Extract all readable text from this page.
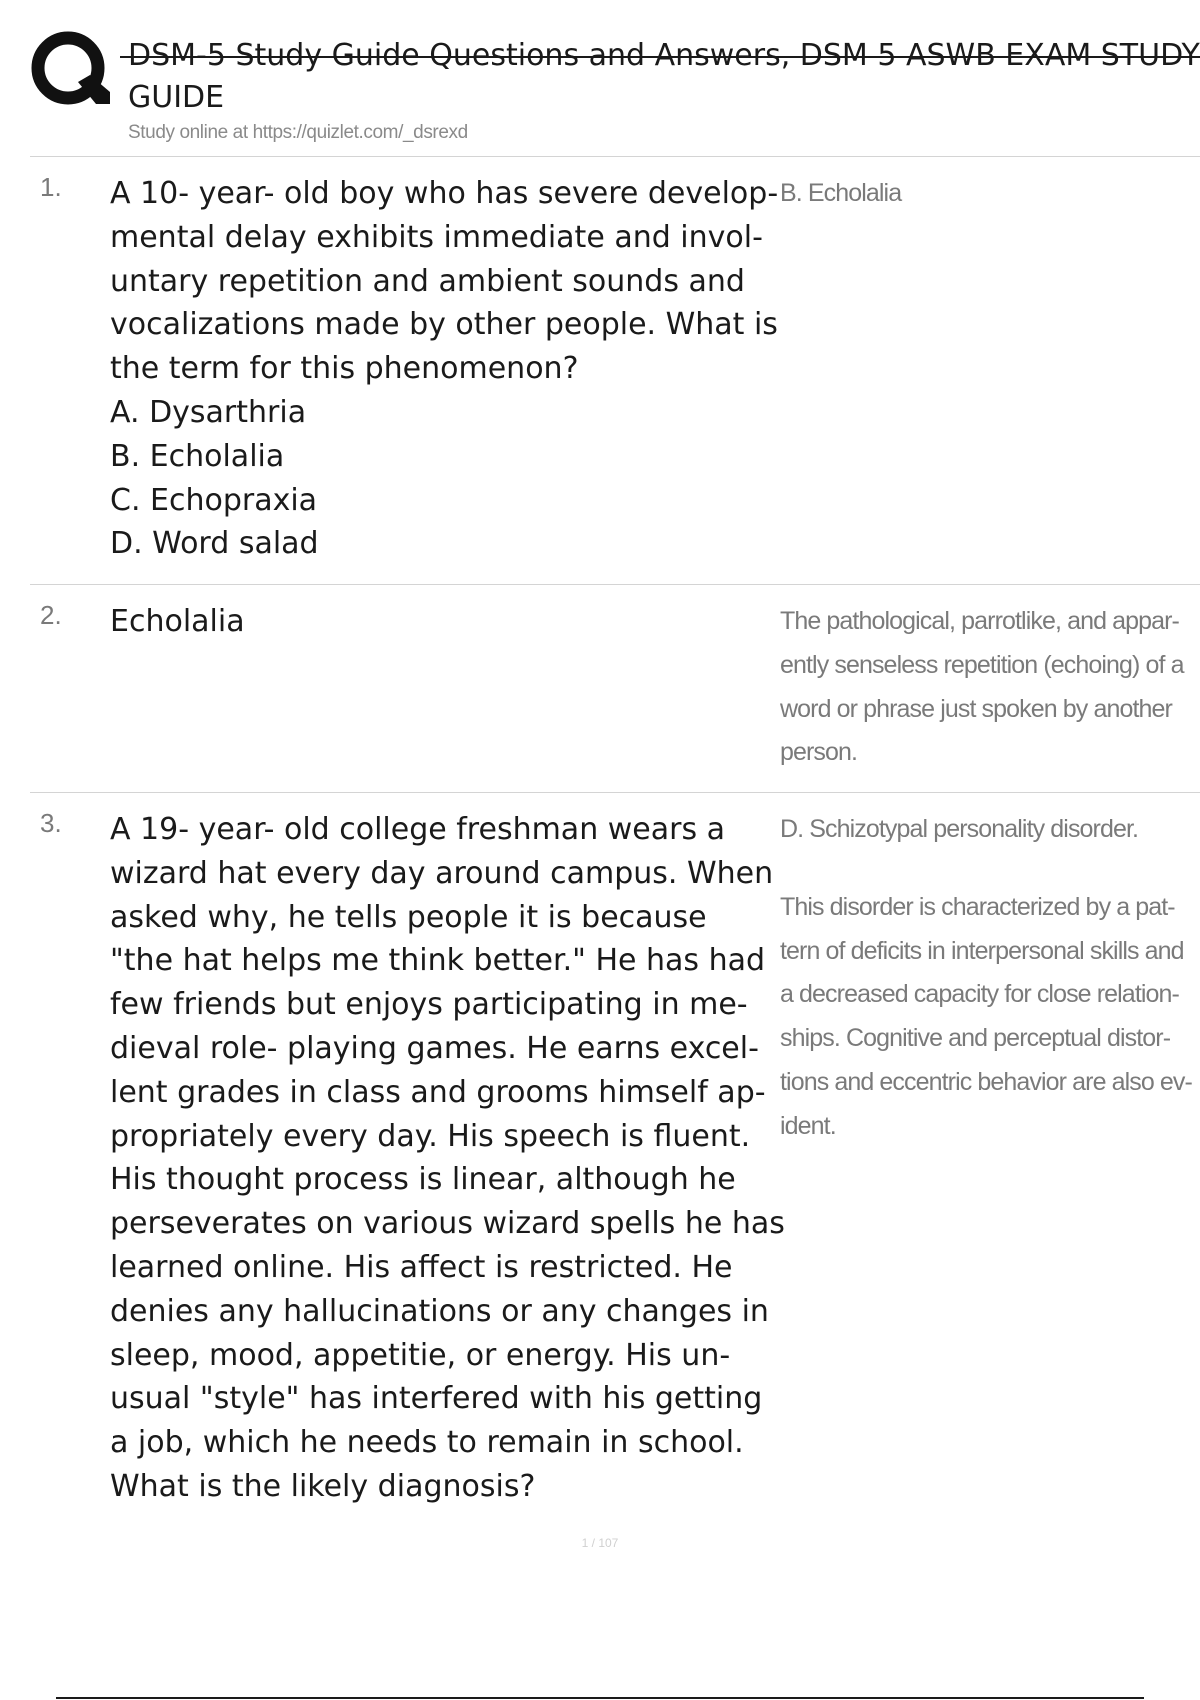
DSM-5 Study Guide Questions and Answers, DSM 5 ASWB EXAM STUDY
GUIDE
Study online at https://quizlet.com/_dsrexd
1. A 10- year- old boy who has severe develop-
mental delay exhibits immediate and invol-
untary repetition and ambient sounds and
vocalizations made by other people. What is
the term for this phenomenon?
A. Dysarthria
B. Echolalia
C. Echopraxia
D. Word salad
B. Echolalia
2. Echolalia	The pathological, parrotlike, and appar-
ently senseless repetition (echoing) of a
word or phrase just spoken by another
person.
3. A 19- year- old college freshman wears a
wizard hat every day around campus. When
asked why, he tells people it is because
"the hat helps me think better." He has had
few friends but enjoys participating in me-
dieval role- playing games. He earns excel-
lent grades in class and grooms himself ap-
propriately every day. His speech is fluent.
His thought process is linear, although he
perseverates on various wizard spells he has
learned online. His affect is restricted. He
denies any hallucinations or any changes in
sleep, mood, appetitie, or energy. His un-
usual "style" has interfered with his getting
a job, which he needs to remain in school.
What is the likely diagnosis?

D. Schizotypal personality disorder.

This disorder is characterized by a pat-
tern of deficits in interpersonal skills and
a decreased capacity for close relation-
ships. Cognitive and perceptual distor-
tions and eccentric behavior are also ev-
ident.

1 / 107
